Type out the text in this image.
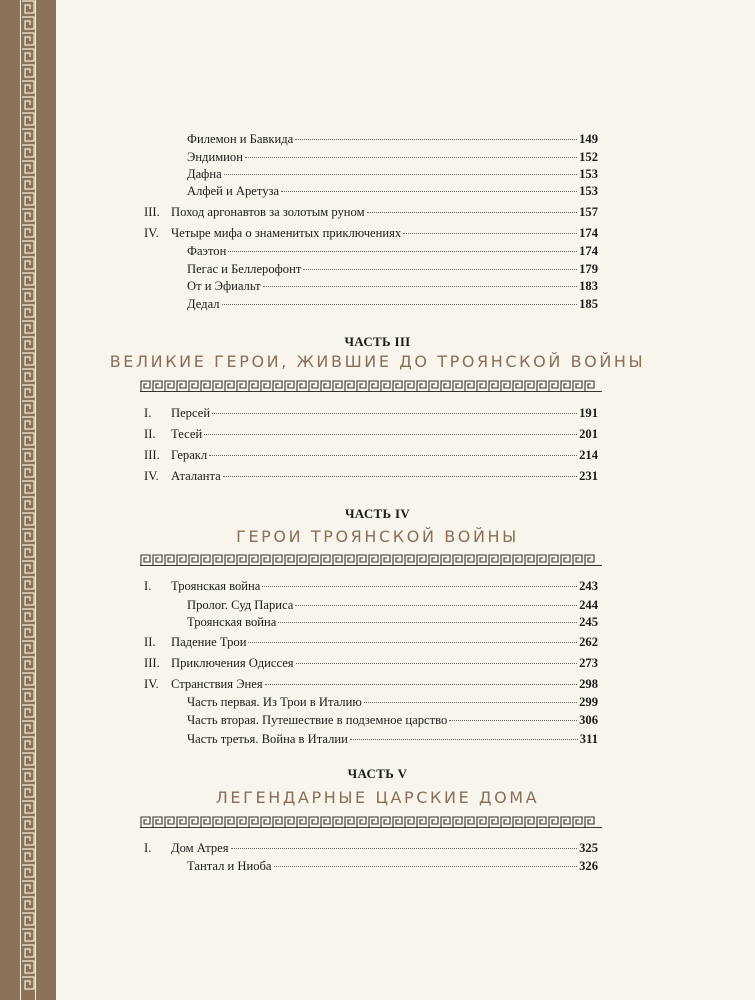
Филемон и Бавкида	149
Эндимион	152
Дафна	153
Алфей и Аретуза	153
III. Поход аргонавтов за золотым руном	157
IV. Четыре мифа о знаменитых приключениях	174
Фаэтон	174
Пегас и Беллерофонт	179
От и Эфиальт	183
Дедал	185
ЧАСТЬ III
ВЕЛИКИЕ ГЕРОИ, ЖИВШИЕ ДО ТРОЯНСКОЙ ВОЙНЫ
I.	Персей	191
II.	Тесей	201
III. Геракл	214
IV. Аталанта	231
ЧАСТЬ IV
ГЕРОИ ТРОЯНСКОЙ ВОЙНЫ
I.	Троянская война	243
Пролог. Суд Париса	244
Троянская война	245
II.	Падение Трои	262
III. Приключения Одиссея	273
IV. Странствия Энея	298
Часть первая. Из Трои в Италию	299
Часть вторая. Путешествие в подземное царство	306
Часть третья. Война в Италии	311
ЧАСТЬ V
ЛЕГЕНДАРНЫЕ ЦАРСКИЕ ДОМА
I.	Дом Атрея	325
Тантал и Ниоба	326
